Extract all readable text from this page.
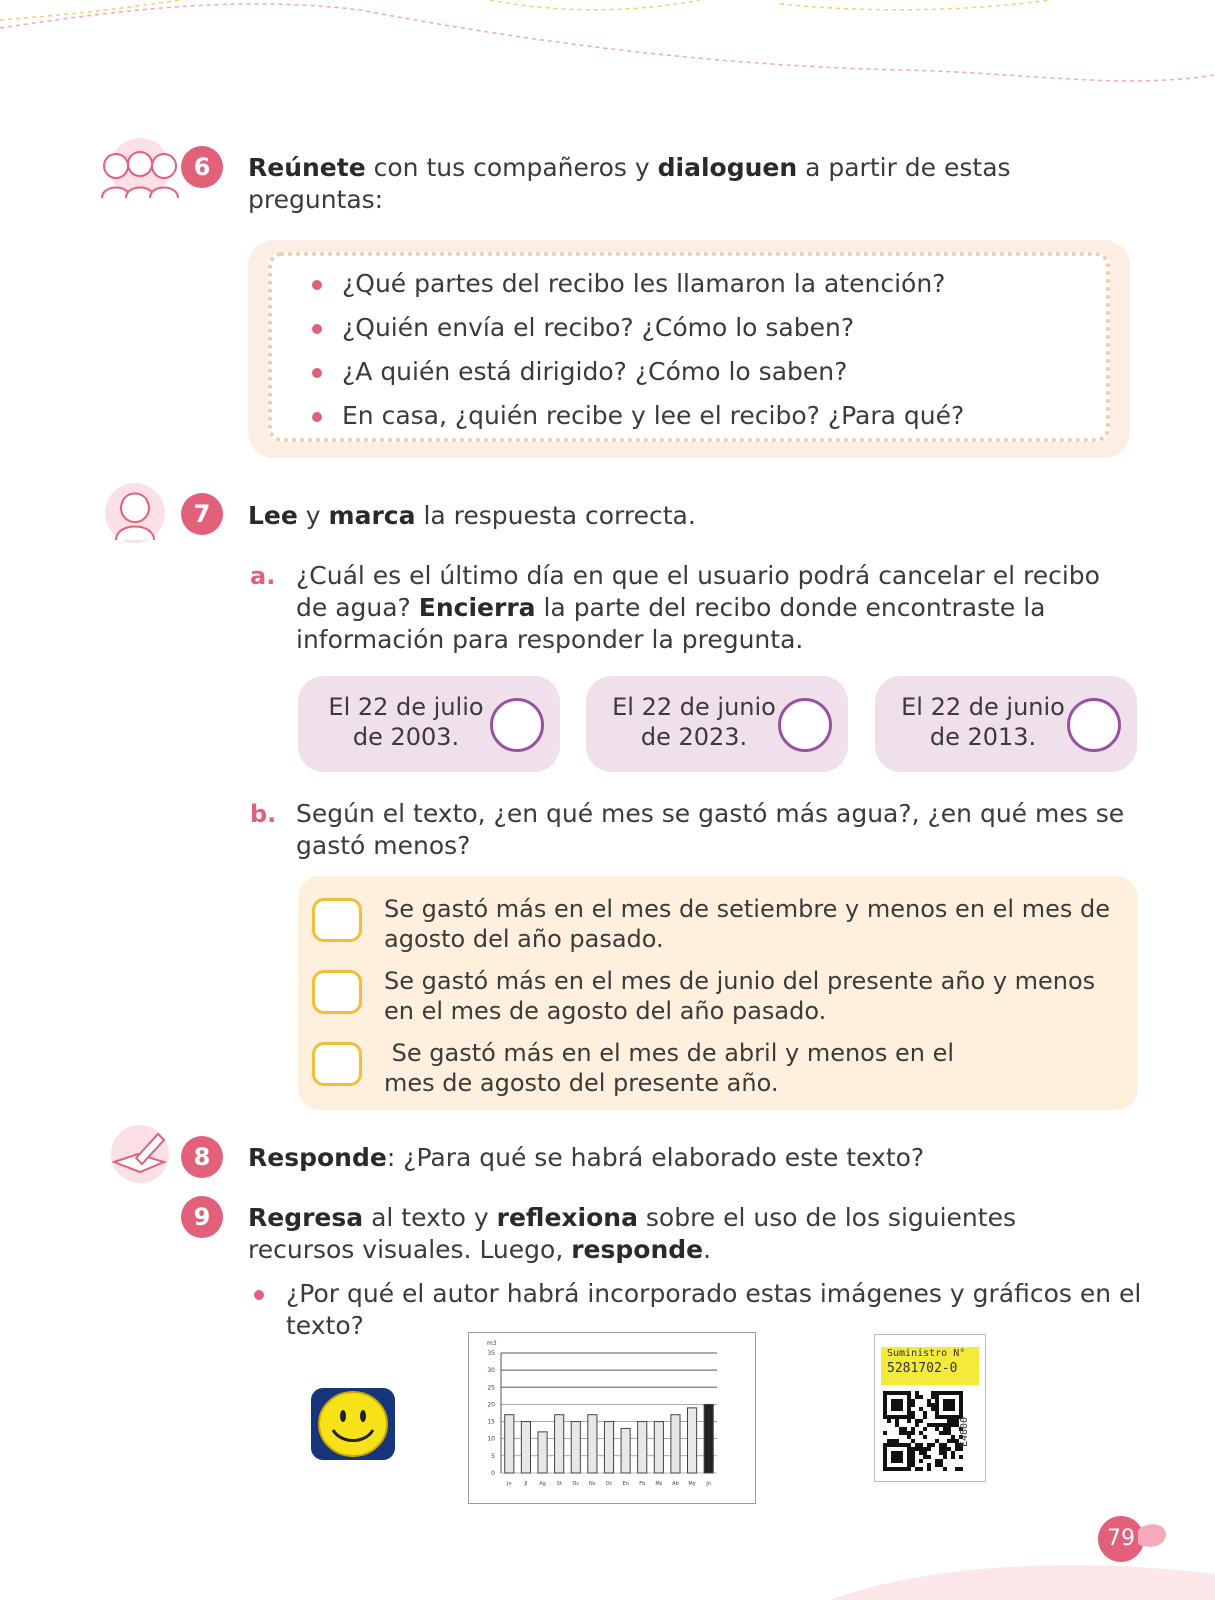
6	Reúnete con tus compañeros y dialoguen a partir de estas preguntas:
¿Qué partes del recibo les llamaron la atención?
¿Quién envía el recibo? ¿Cómo lo saben?
¿A quién está dirigido? ¿Cómo lo saben?
En casa, ¿quién recibe y lee el recibo? ¿Para qué?
7	Lee y marca la respuesta correcta.
a. ¿Cuál es el último día en que el usuario podrá cancelar el recibo de agua? Encierra la parte del recibo donde encontraste la información para responder la pregunta.
El 22 de julio
de 2003.
El 22 de junio
de 2023.
El 22 de junio
de 2013.
b. Según el texto, ¿en qué mes se gastó más agua?, ¿en qué mes se gastó menos?
Se gastó más en el mes de setiembre y menos en el mes de
agosto del año pasado.
Se gastó más en el mes de junio del presente año y menos
en el mes de agosto del año pasado.
Se gastó más en el mes de abril y menos en el
mes de agosto del presente año.
8	Responde: ¿Para qué se habrá elaborado este texto?
9	Regresa al texto y reflexiona sobre el uso de los siguientes recursos visuales. Luego, responde.
¿Por qué el autor habrá incorporado estas imágenes y gráficos en el texto?
m3
0
5
10
15
20
25
30
35
Jn	Jl Ag St Oc Nv Dc En Fb Mz Ab My Jn
Suministro N°
5281702-0
E4800
79
